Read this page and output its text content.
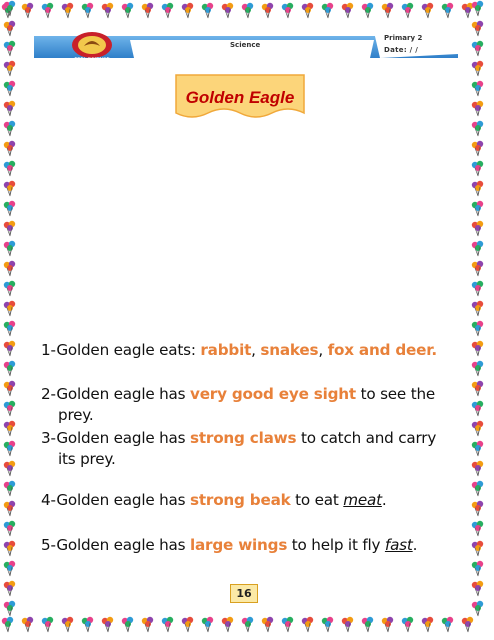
FEEL SCIENCE
Science
Primary 2
Date: / /
Golden Eagle
1-Golden eagle eats: rabbit, snakes, fox and deer.
2-Golden eagle has very good eye sight to see the prey.
3-Golden eagle has strong claws to catch and carry its prey.
4-Golden eagle has strong beak to eat meat.
5-Golden eagle has large wings to help it fly fast.
16
